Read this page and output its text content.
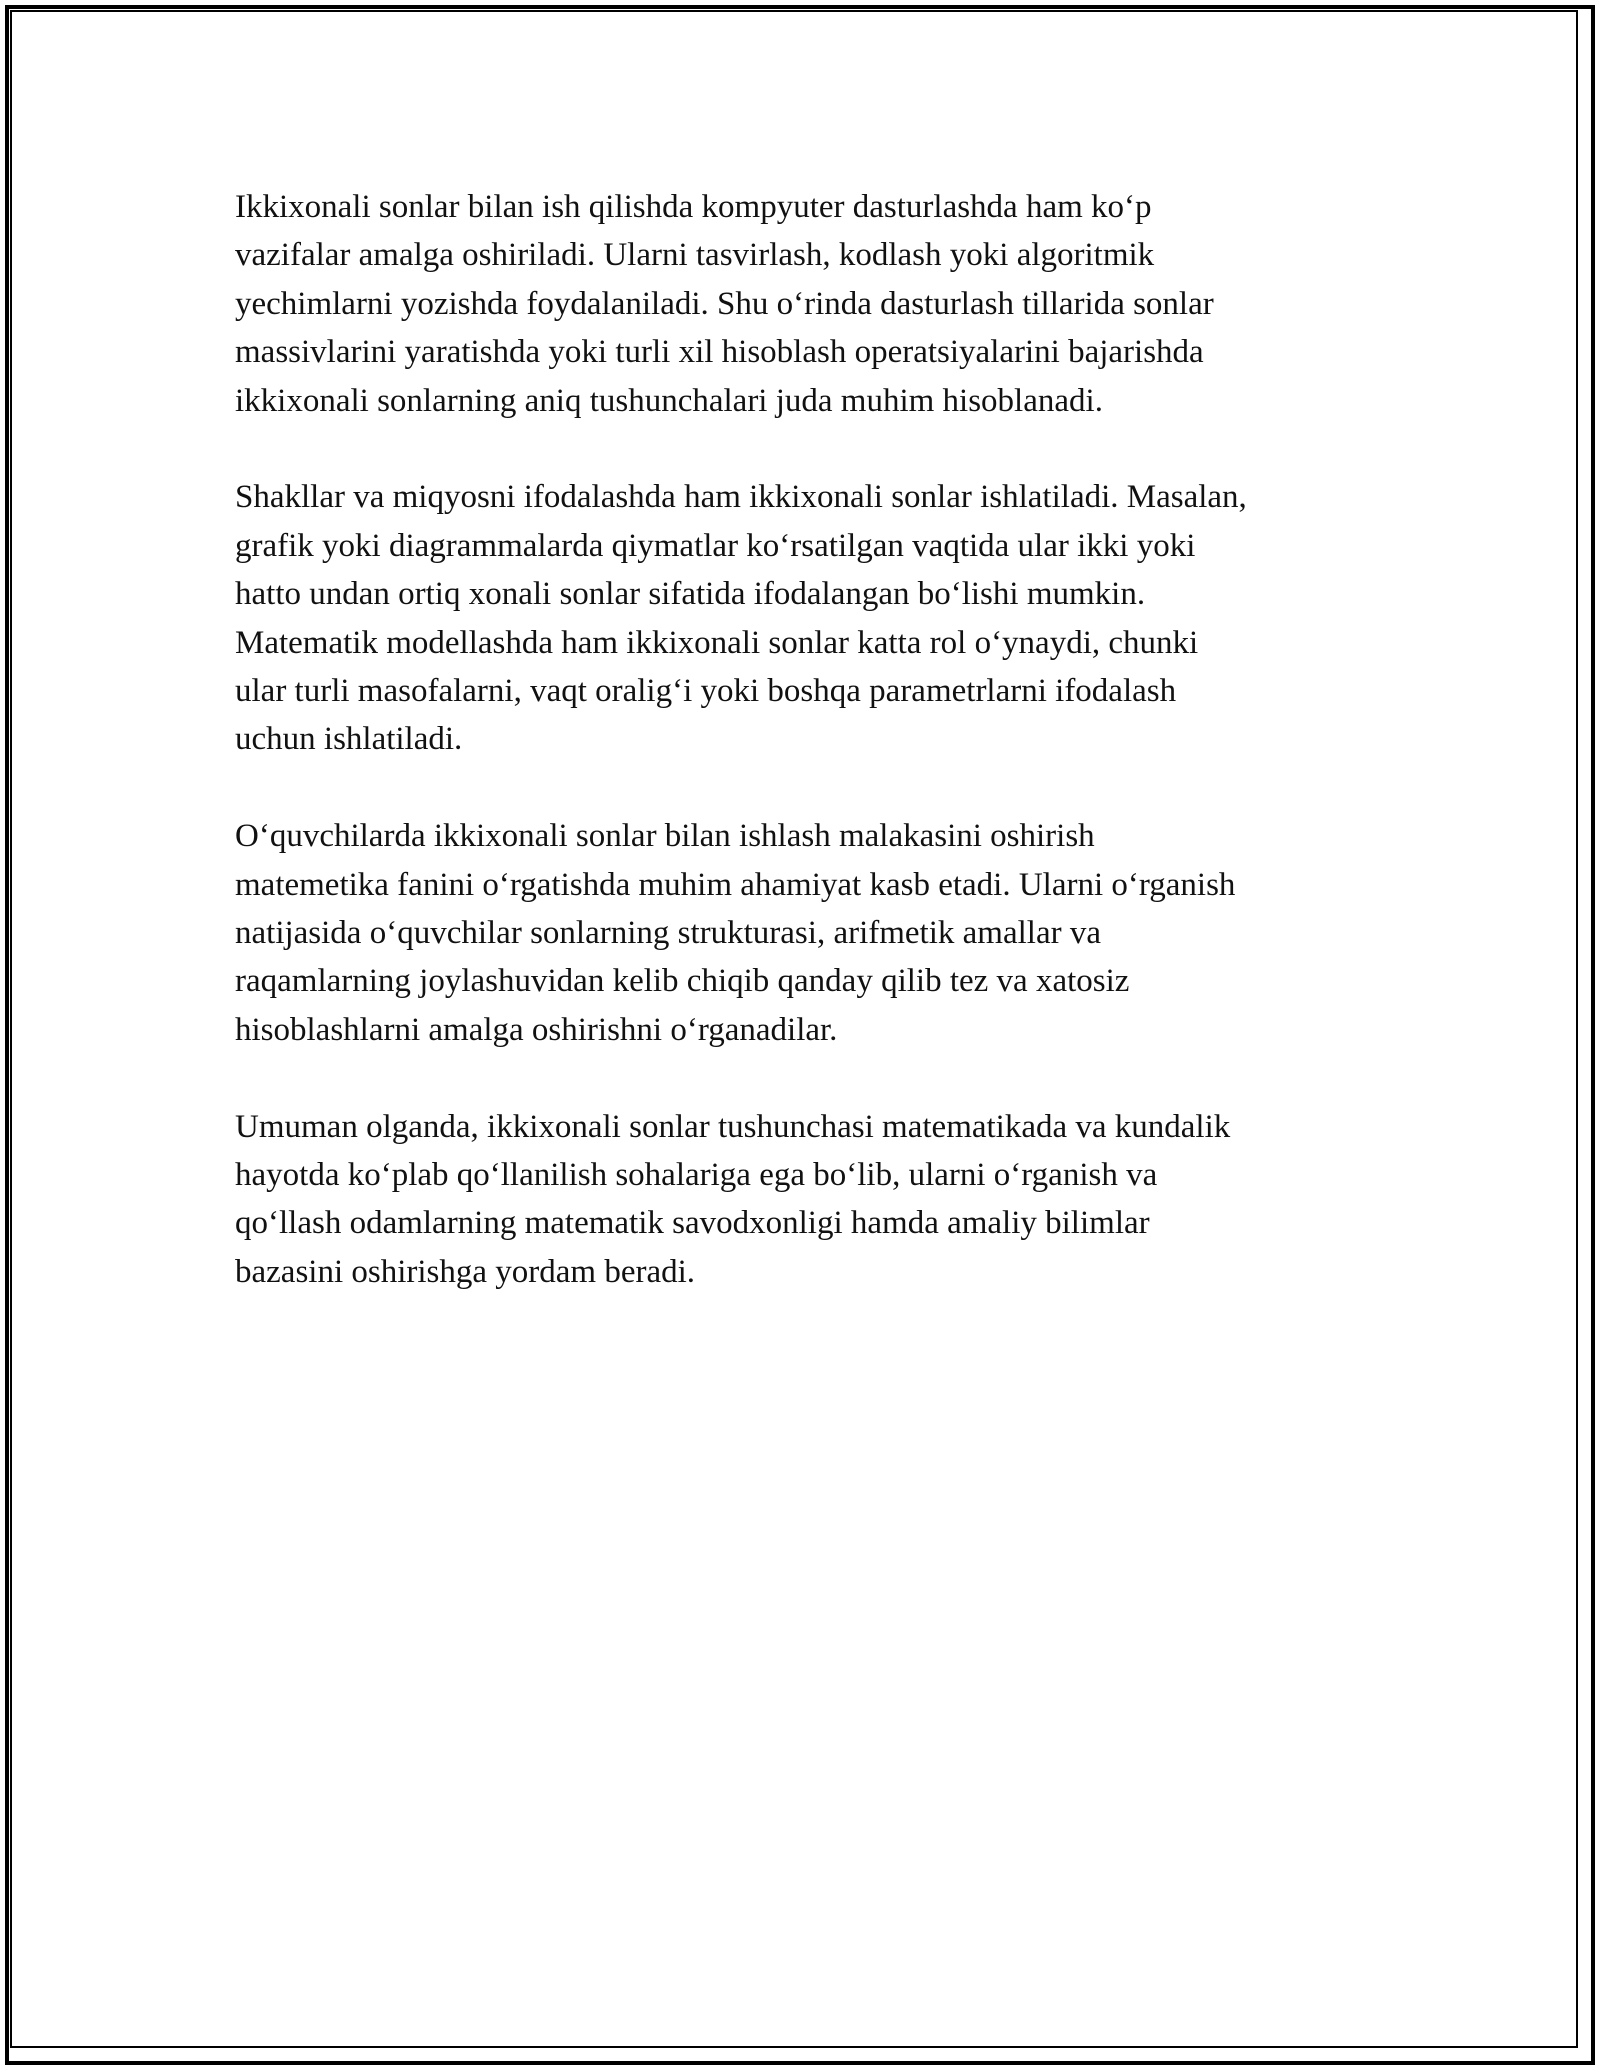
Ikkixonali sonlar bilan ish qilishda kompyuter dasturlashda ham ko‘p
vazifalar amalga oshiriladi. Ularni tasvirlash, kodlash yoki algoritmik
yechimlarni yozishda foydalaniladi. Shu o‘rinda dasturlash tillarida sonlar
massivlarini yaratishda yoki turli xil hisoblash operatsiyalarini bajarishda
ikkixonali sonlarning aniq tushunchalari juda muhim hisoblanadi.

Shakllar va miqyosni ifodalashda ham ikkixonali sonlar ishlatiladi. Masalan,
grafik yoki diagrammalarda qiymatlar ko‘rsatilgan vaqtida ular ikki yoki
hatto undan ortiq xonali sonlar sifatida ifodalangan bo‘lishi mumkin.
Matematik modellashda ham ikkixonali sonlar katta rol o‘ynaydi, chunki
ular turli masofalarni, vaqt oralig‘i yoki boshqa parametrlarni ifodalash
uchun ishlatiladi.

O‘quvchilarda ikkixonali sonlar bilan ishlash malakasini oshirish
matemetika fanini o‘rgatishda muhim ahamiyat kasb etadi. Ularni o‘rganish
natijasida o‘quvchilar sonlarning strukturasi, arifmetik amallar va
raqamlarning joylashuvidan kelib chiqib qanday qilib tez va xatosiz
hisoblashlarni amalga oshirishni o‘rganadilar.

Umuman olganda, ikkixonali sonlar tushunchasi matematikada va kundalik
hayotda ko‘plab qo‘llanilish sohalariga ega bo‘lib, ularni o‘rganish va
qo‘llash odamlarning matematik savodxonligi hamda amaliy bilimlar
bazasini oshirishga yordam beradi.
